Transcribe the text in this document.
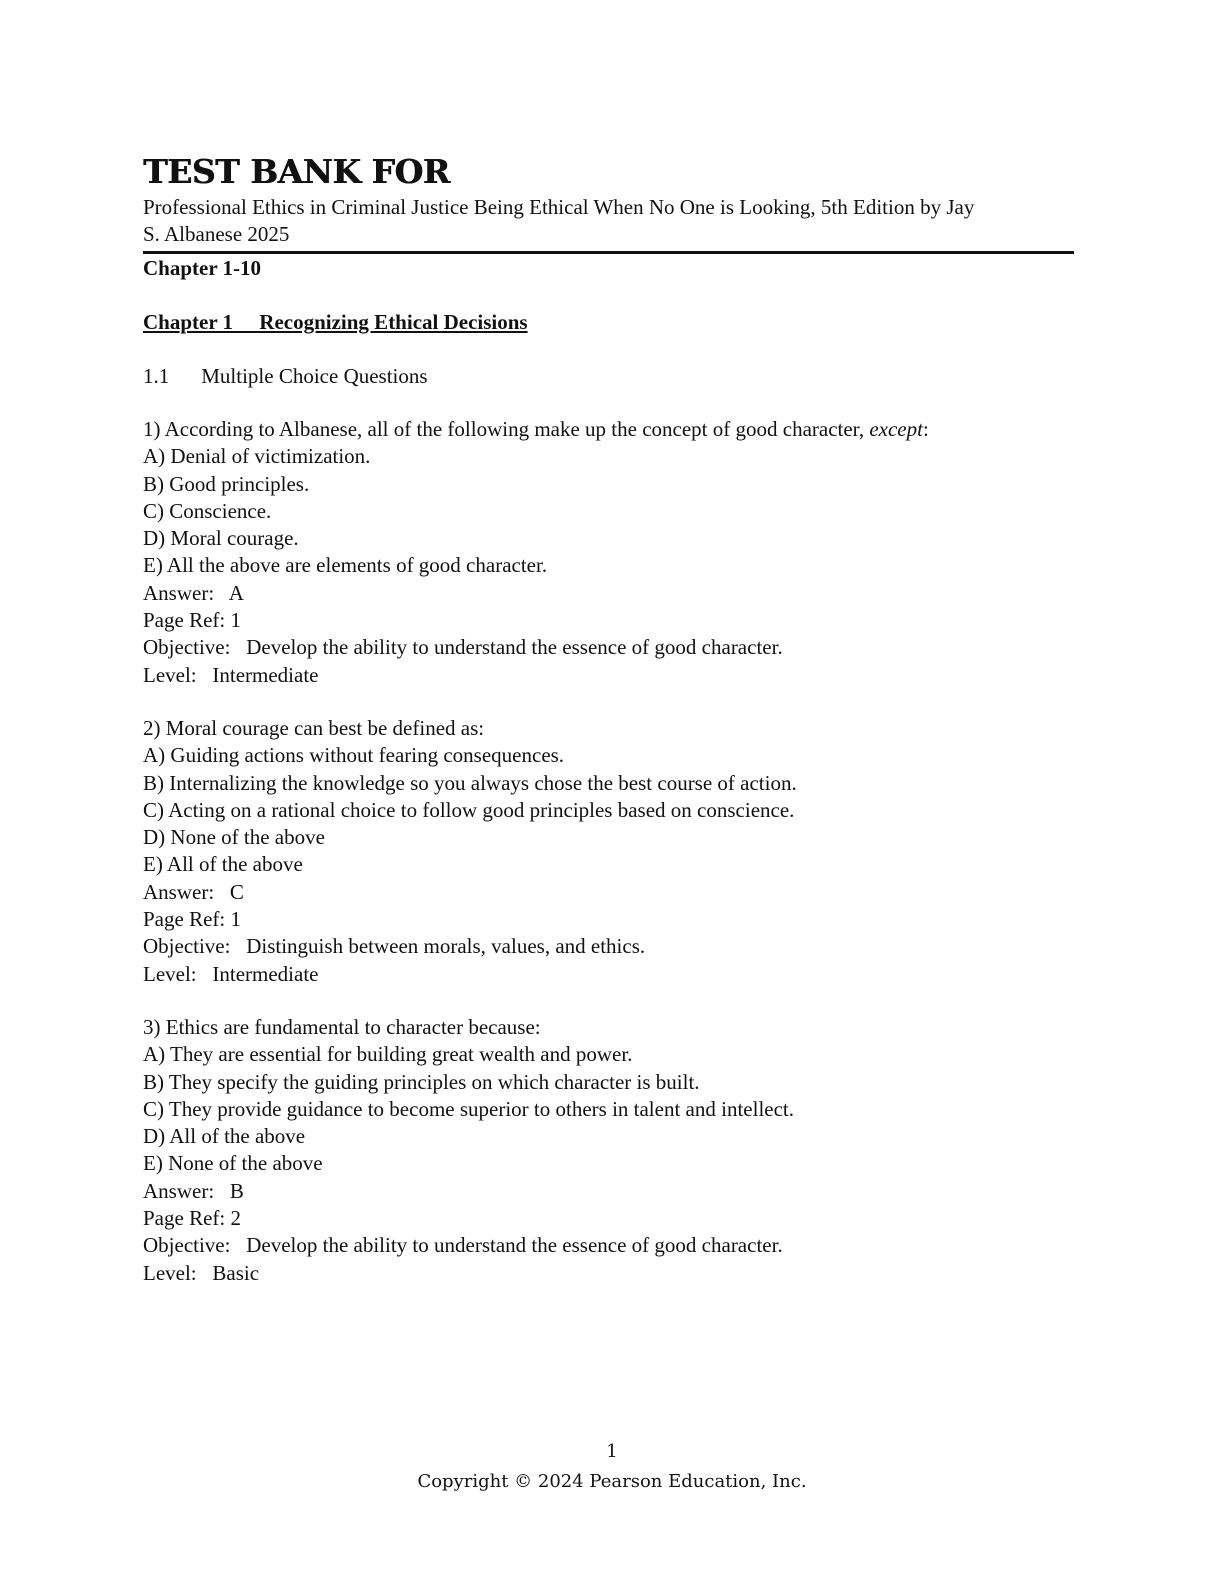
TEST BANK FOR
Professional Ethics in Criminal Justice Being Ethical When No One is Looking, 5th Edition by Jay
S. Albanese 2025
Chapter 1-10
Chapter 1     Recognizing Ethical Decisions
1.1 Multiple Choice Questions
1) According to Albanese, all of the following make up the concept of good character, except:
A) Denial of victimization.
B) Good principles.
C) Conscience.
D) Moral courage.
E) All the above are elements of good character.
Answer:   A
Page Ref: 1
Objective:   Develop the ability to understand the essence of good character.
Level:   Intermediate
2) Moral courage can best be defined as:
A) Guiding actions without fearing consequences.
B) Internalizing the knowledge so you always chose the best course of action.
C) Acting on a rational choice to follow good principles based on conscience.
D) None of the above
E) All of the above
Answer:   C
Page Ref: 1
Objective:   Distinguish between morals, values, and ethics.
Level:   Intermediate
3) Ethics are fundamental to character because:
A) They are essential for building great wealth and power.
B) They specify the guiding principles on which character is built.
C) They provide guidance to become superior to others in talent and intellect.
D) All of the above
E) None of the above
Answer:   B
Page Ref: 2
Objective:   Develop the ability to understand the essence of good character.
Level:   Basic
1
Copyright © 2024 Pearson Education, Inc.
